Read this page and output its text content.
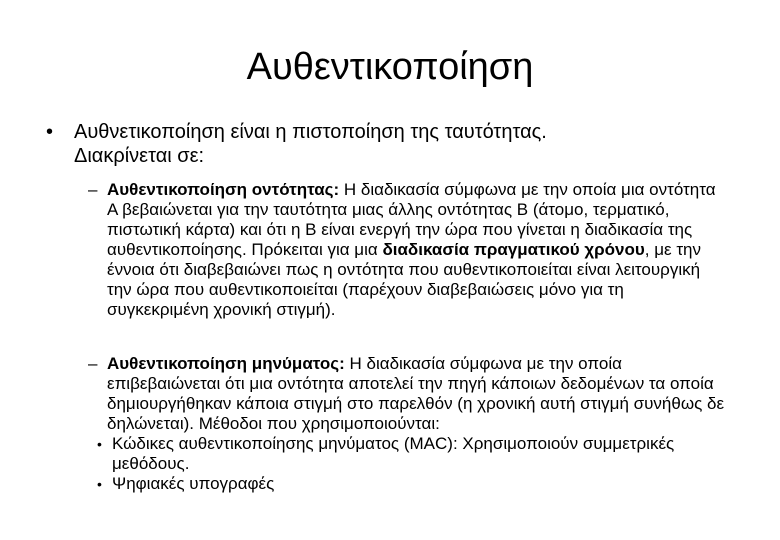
Αυθεντικοποίηση
• Αυθνετικοποίηση είναι η πιστοποίηση της ταυτότητας.
Διακρίνεται σε:
– Αυθεντικοποίηση οντότητας: Η διαδικασία σύμφωνα με την οποία μια οντότητα Α βεβαιώνεται για την ταυτότητα μιας άλλης οντότητας Β (άτομο, τερματικό, πιστωτική κάρτα) και ότι η Β είναι ενεργή την ώρα που γίνεται η διαδικασία της αυθεντικοποίησης. Πρόκειται για μια διαδικασία πραγματικού χρόνου, με την έννοια ότι διαβεβαιώνει πως η οντότητα που αυθεντικοποιείται είναι λειτουργική την ώρα που αυθεντικοποιείται (παρέχουν διαβεβαιώσεις μόνο για τη συγκεκριμένη χρονική στιγμή).
– Αυθεντικοποίηση μηνύματος: Η διαδικασία σύμφωνα με την οποία επιβεβαιώνεται ότι μια οντότητα αποτελεί την πηγή κάποιων δεδομένων τα οποία δημιουργήθηκαν κάποια στιγμή στο παρελθόν (η χρονική αυτή στιγμή συνήθως δε δηλώνεται). Μέθοδοι που χρησιμοποιούνται:
• Κώδικες αυθεντικοποίησης μηνύματος (MAC): Χρησιμοποιούν συμμετρικές μεθόδους.
• Ψηφιακές υπογραφές
